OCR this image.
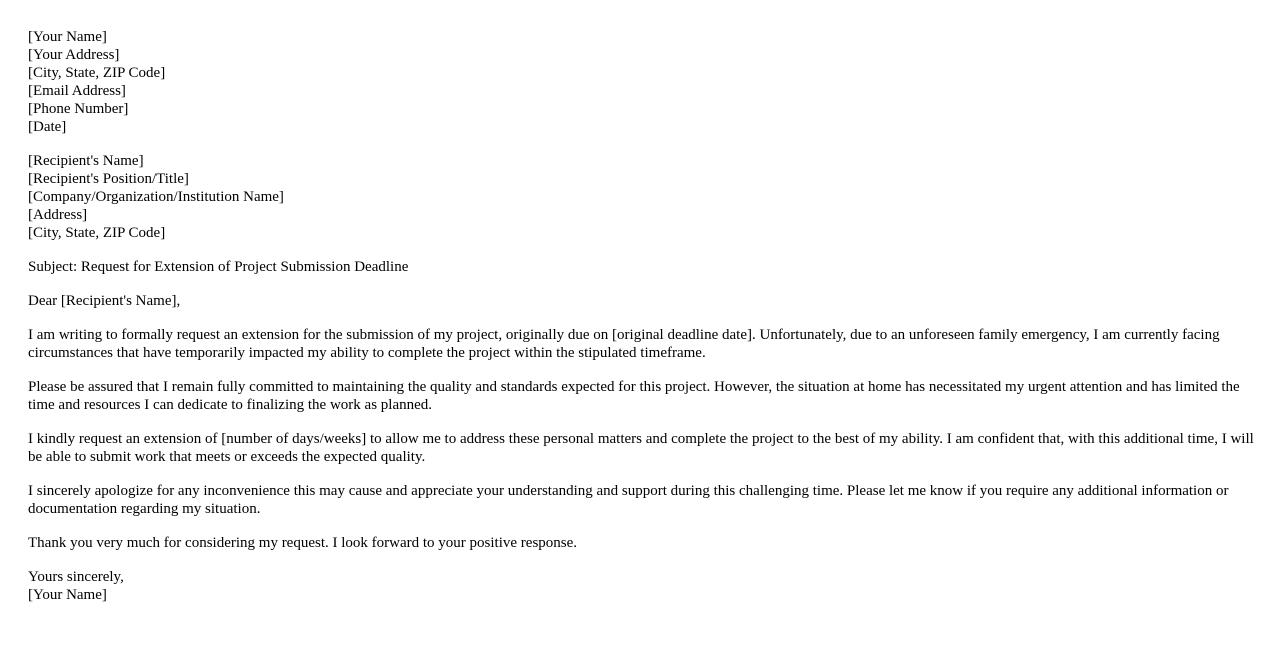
[Your Name]
[Your Address]
[City, State, ZIP Code]
[Email Address]
[Phone Number]
[Date]
[Recipient's Name]
[Recipient's Position/Title]
[Company/Organization/Institution Name]
[Address]
[City, State, ZIP Code]

Subject: Request for Extension of Project Submission Deadline

Dear [Recipient's Name],

I am writing to formally request an extension for the submission of my project, originally due on [original deadline date]. Unfortunately, due to an unforeseen family emergency, I am currently facing circumstances that have temporarily impacted my ability to complete the project within the stipulated timeframe.

Please be assured that I remain fully committed to maintaining the quality and standards expected for this project. However, the situation at home has necessitated my urgent attention and has limited the time and resources I can dedicate to finalizing the work as planned.

I kindly request an extension of [number of days/weeks] to allow me to address these personal matters and complete the project to the best of my ability. I am confident that, with this additional time, I will be able to submit work that meets or exceeds the expected quality.

I sincerely apologize for any inconvenience this may cause and appreciate your understanding and support during this challenging time. Please let me know if you require any additional information or documentation regarding my situation.

Thank you very much for considering my request. I look forward to your positive response.

Yours sincerely,
[Your Name]
